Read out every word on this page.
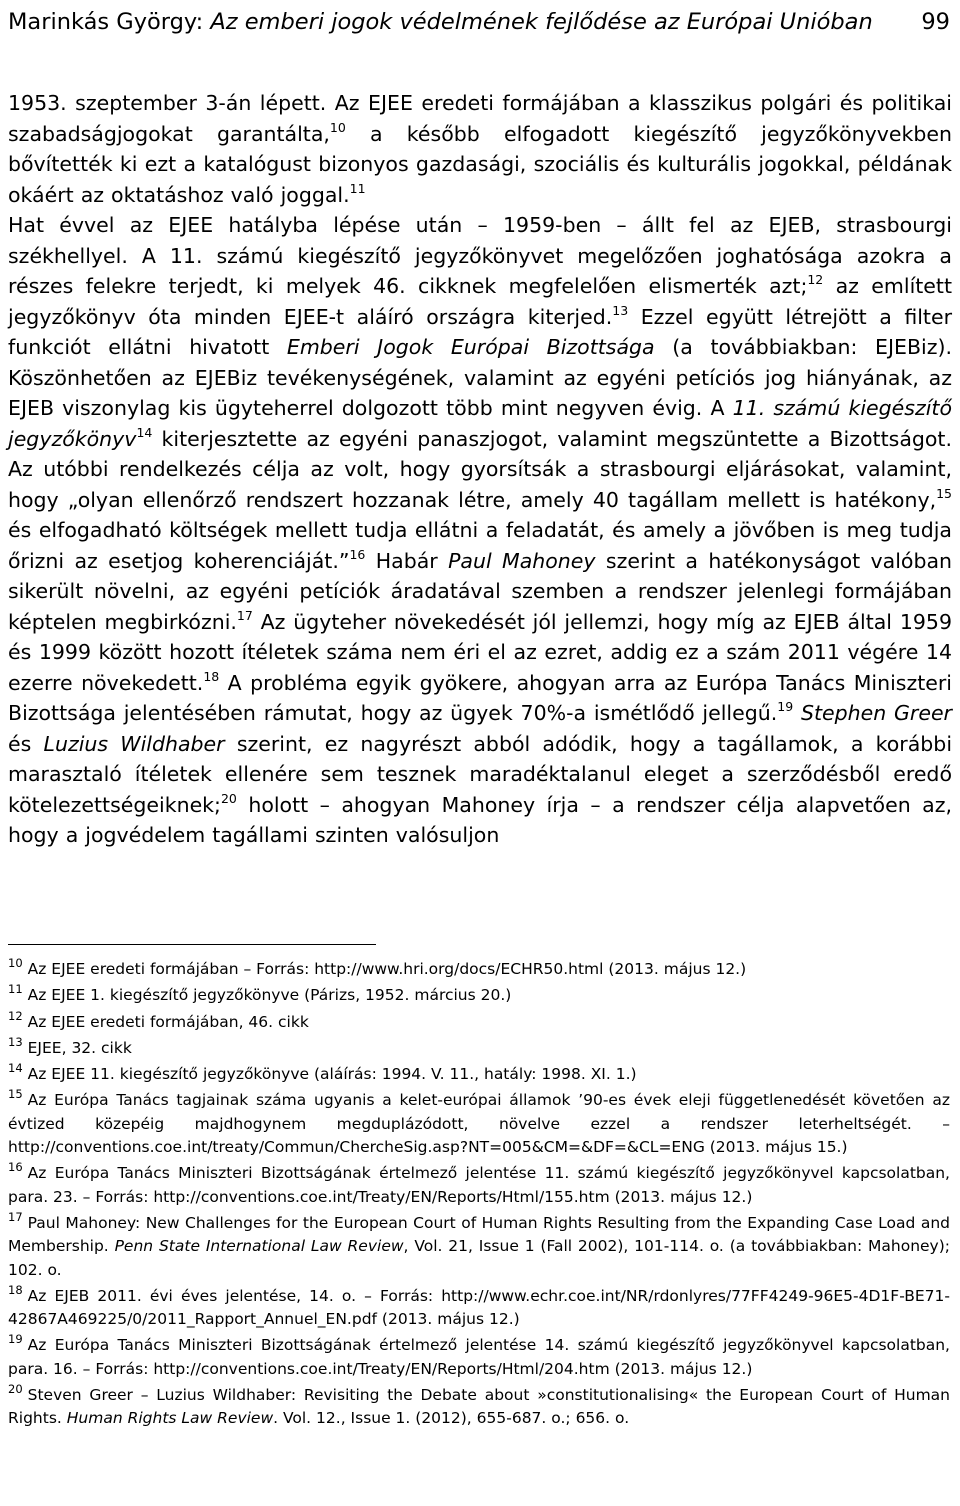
Marinkás György: Az emberi jogok védelmének fejlődése az Európai Unióban 99

1953. szeptember 3-án lépett. Az EJEE eredeti formájában a klasszikus polgári és politikai szabadságjogokat garantálta,$^{10}$ a később elfogadott kiegészítő jegyzőkönyvekben bővítették ki ezt a katalógust bizonyos gazdasági, szociális és kulturális jogokkal, példának okáért az oktatáshoz való joggal.$^{11}$

Hat évvel az EJEE hatályba lépése után – 1959-ben – állt fel az EJEB, strasbourgi székhellyel. A 11. számú kiegészítő jegyzőkönyvet megelőzően joghatósága azokra a részes felekre terjedt, ki melyek 46. cikknek megfelelően elismerték azt;$^{12}$ az említett jegyzőkönyv óta minden EJEE-t aláíró országra kiterjed.$^{13}$ Ezzel együtt létrejött a filter funkciót ellátni hivatott Emberi Jogok Európai Bizottsága (a továbbiakban: EJEBiz). Köszönhetően az EJEBiz tevékenységének, valamint az egyéni petíciós jog hiányának, az EJEB viszonylag kis ügyteherrel dolgozott több mint negyven évig. A 11. számú kiegészítő jegyzőkönyv$^{14}$ kiterjesztette az egyéni panaszjogot, valamint megszüntette a Bizottságot. Az utóbbi rendelkezés célja az volt, hogy gyorsítsák a strasbourgi eljárásokat, valamint, hogy „olyan ellenőrző rendszert hozzanak létre, amely 40 tagállam mellett is hatékony,$^{15}$ és elfogadható költségek mellett tudja ellátni a feladatát, és amely a jövőben is meg tudja őrizni az esetjog koherenciáját.”$^{16}$ Habár Paul Mahoney szerint a hatékonyságot valóban sikerült növelni, az egyéni petíciók áradatával szemben a rendszer jelenlegi formájában képtelen megbirkózni.$^{17}$ Az ügyteher növekedését jól jellemzi, hogy míg az EJEB által 1959 és 1999 között hozott ítéletek száma nem éri el az ezret, addig ez a szám 2011 végére 14 ezerre növekedett.$^{18}$ A probléma egyik gyökere, ahogyan arra az Európa Tanács Miniszteri Bizottsága jelentésében rámutat, hogy az ügyek 70%-a ismétlődő jellegű.$^{19}$ Stephen Greer és Luzius Wildhaber szerint, ez nagyrészt abból adódik, hogy a tagállamok, a korábbi marasztaló ítéletek ellenére sem tesznek maradéktalanul eleget a szerződésből eredő kötelezettségeiknek;$^{20}$ holott – ahogyan Mahoney írja – a rendszer célja alapvetően az, hogy a jogvédelem tagállami szinten valósuljon

$^{10}$ Az EJEE eredeti formájában – Forrás: http://www.hri.org/docs/ECHR50.html (2013. május 12.)
$^{11}$ Az EJEE 1. kiegészítő jegyzőkönyve (Párizs, 1952. március 20.)
$^{12}$ Az EJEE eredeti formájában, 46. cikk
$^{13}$ EJEE, 32. cikk
$^{14}$ Az EJEE 11. kiegészítő jegyzőkönyve (aláírás: 1994. V. 11., hatály: 1998. XI. 1.)
$^{15}$ Az Európa Tanács tagjainak száma ugyanis a kelet-európai államok ’90-es évek eleji függetlenedését követően az évtized közepéig majdhogynem megduplázódott, növelve ezzel a rendszer leterheltségét. – http://conventions.coe.int/treaty/Commun/ChercheSig.asp?NT=005&CM=&DF=&CL=ENG (2013. május 15.)
$^{16}$ Az Európa Tanács Miniszteri Bizottságának értelmező jelentése 11. számú kiegészítő jegyzőkönyvel kapcsolatban, para. 23. – Forrás: http://conventions.coe.int/Treaty/EN/Reports/Html/155.htm (2013. május 12.)
$^{17}$ Paul Mahoney: New Challenges for the European Court of Human Rights Resulting from the Expanding Case Load and Membership. Penn State International Law Review, Vol. 21, Issue 1 (Fall 2002), 101-114. o. (a továbbiakban: Mahoney); 102. o.
$^{18}$ Az EJEB 2011. évi éves jelentése, 14. o. – Forrás: http://www.echr.coe.int/NR/rdonlyres/77FF4249-96E5-4D1F-BE71-42867A469225/0/2011_Rapport_Annuel_EN.pdf (2013. május 12.)
$^{19}$ Az Európa Tanács Miniszteri Bizottságának értelmező jelentése 14. számú kiegészítő jegyzőkönyvel kapcsolatban, para. 16. – Forrás: http://conventions.coe.int/Treaty/EN/Reports/Html/204.htm (2013. május 12.)
$^{20}$ Steven Greer – Luzius Wildhaber: Revisiting the Debate about »constitutionalising« the European Court of Human Rights. Human Rights Law Review. Vol. 12., Issue 1. (2012), 655-687. o.; 656. o.
